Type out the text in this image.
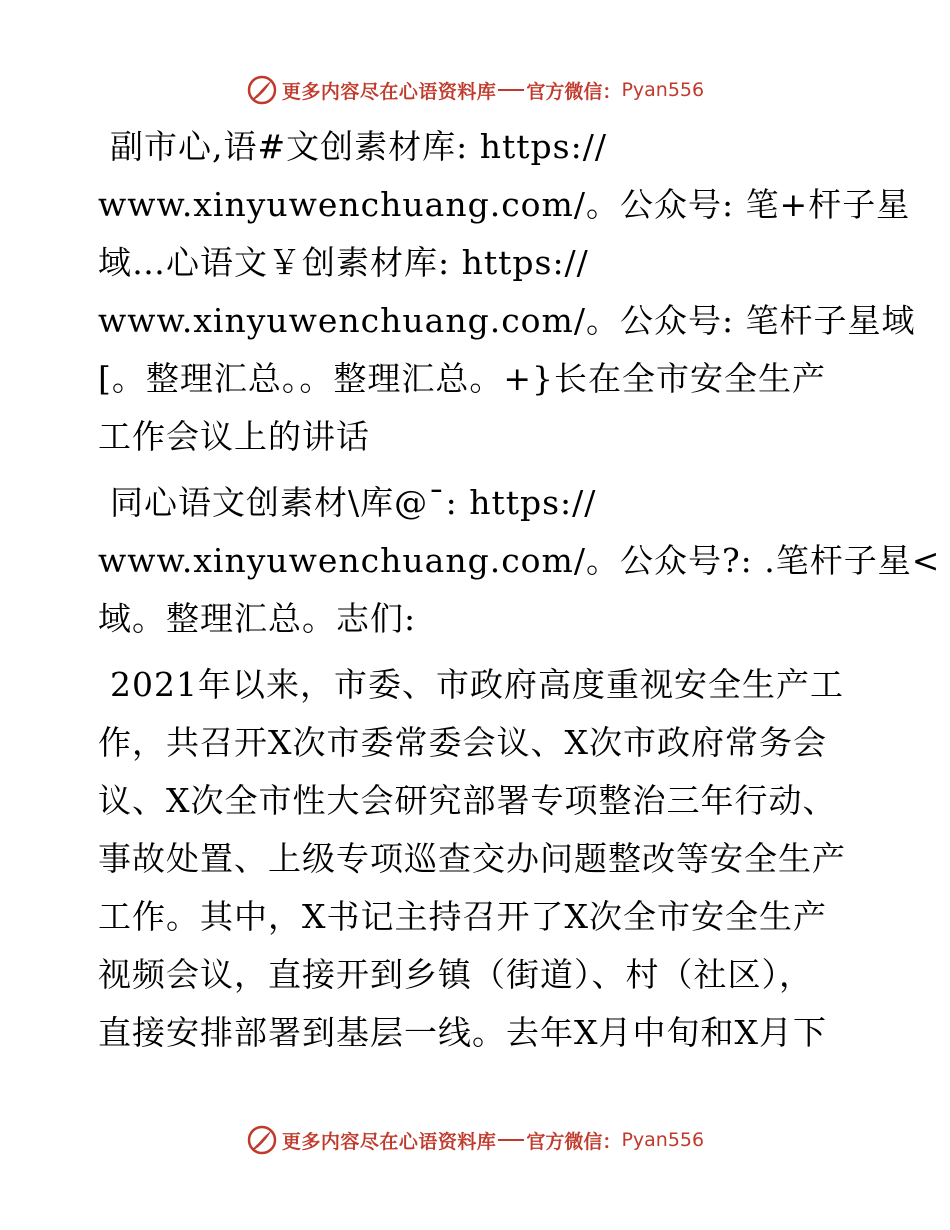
更多内容尽在心语资料库 官方微信： Pyan556
副市心,语#文创素材库: https://
www.xinyuwenchuang.com/。公众号: 笔+杆子星
域…心语文￥创素材库: https://
www.xinyuwenchuang.com/。公众号: 笔杆子星域
[。整理汇总。。整理汇总。+}长在全市安全生产
工作会议上的讲话
同心语文创素材\库@¯: https://
www.xinyuwenchuang.com/。公众号?: .笔杆子星<
域。整理汇总。志们:
2021年以来，市委、市政府高度重视安全生产工
作，共召开X次市委常委会议、X次市政府常务会
议、X次全市性大会研究部署专项整治三年行动、
事故处置、上级专项巡查交办问题整改等安全生产
工作。其中，X书记主持召开了X次全市安全生产
视频会议，直接开到乡镇（街道）、村（社区），
直接安排部署到基层一线。去年X月中旬和X月下
更多内容尽在心语资料库 官方微信： Pyan556
